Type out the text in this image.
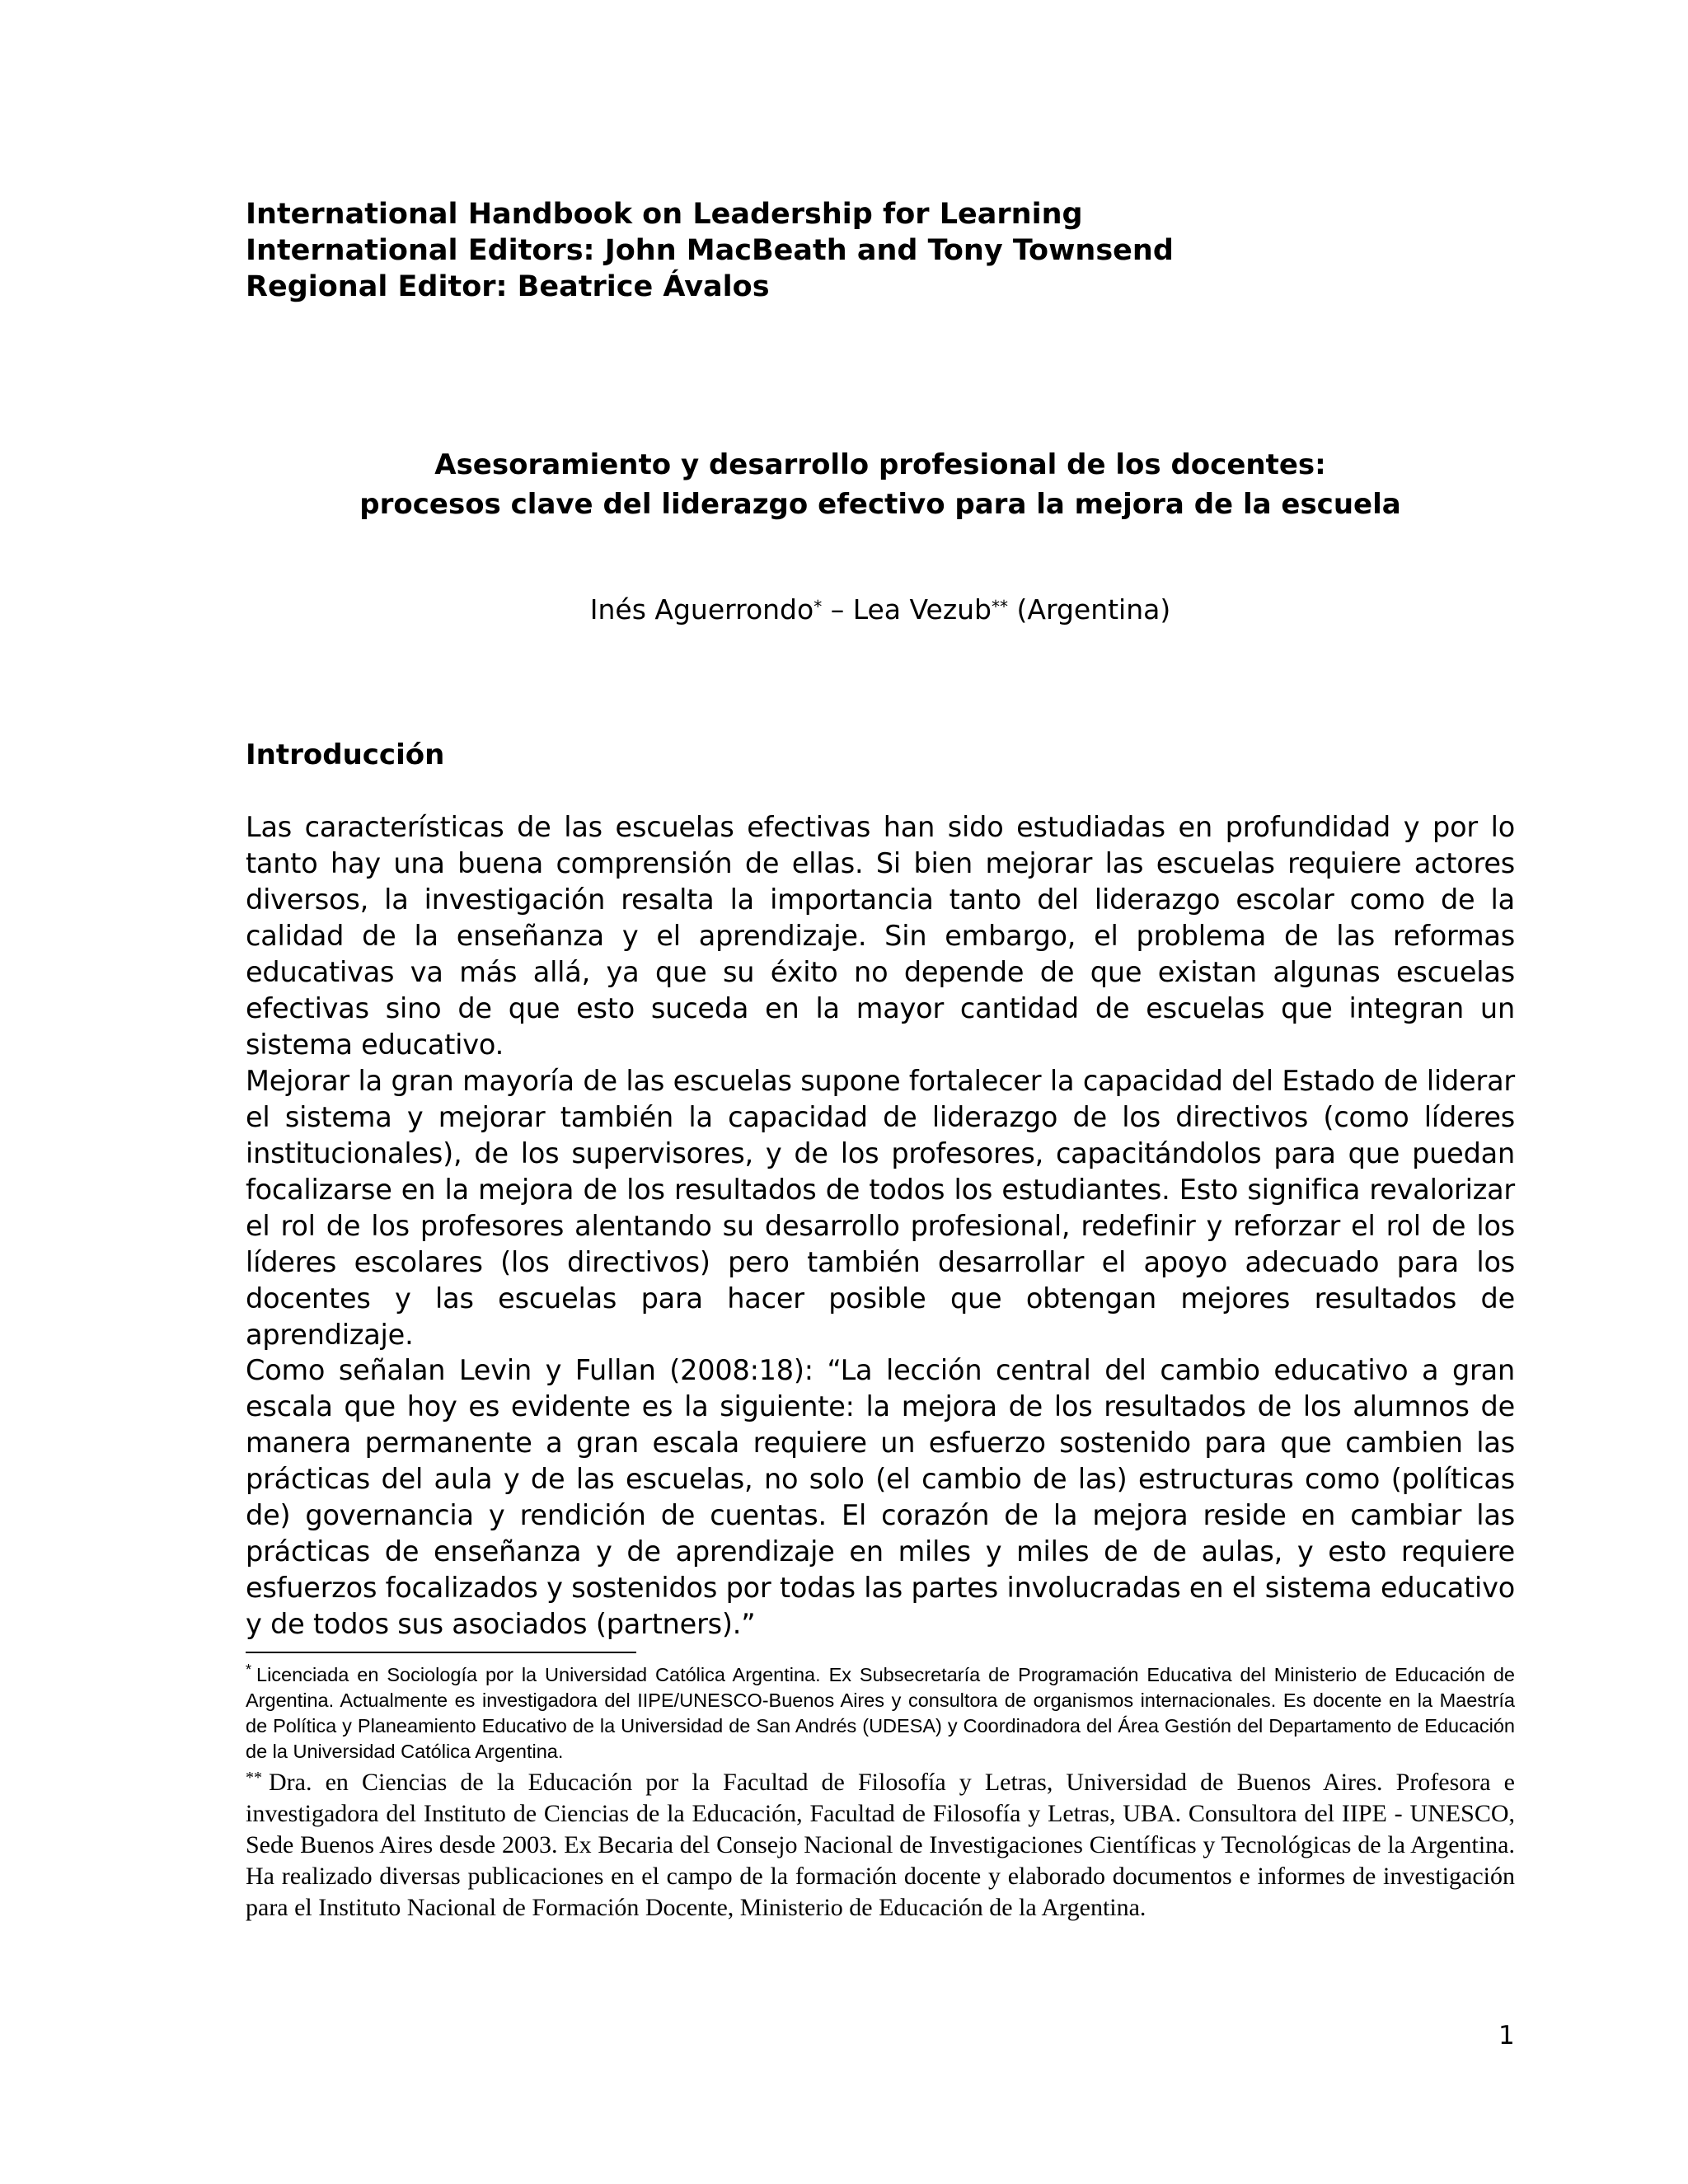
International Handbook on Leadership for Learning

International Editors: John MacBeath and Tony Townsend

Regional Editor: Beatrice Ávalos

Asesoramiento y desarrollo profesional de los docentes:

procesos clave del liderazgo efectivo para la mejora de la escuela

Inés Aguerrondo* – Lea Vezub** (Argentina)
Introducción

Las características de las escuelas efectivas han sido estudiadas en profundidad y por lo tanto hay una buena comprensión de ellas. Si bien mejorar las escuelas requiere actores diversos, la investigación resalta la importancia tanto del liderazgo escolar como de la calidad de la enseñanza y el aprendizaje. Sin embargo, el problema de las reformas educativas va más allá, ya que su éxito no depende de que existan algunas escuelas efectivas sino de que esto suceda en la mayor cantidad de escuelas que integran un sistema educativo.

Mejorar la gran mayoría de las escuelas supone fortalecer la capacidad del Estado de liderar el sistema y mejorar también la capacidad de liderazgo de los directivos (como líderes institucionales), de los supervisores, y de los profesores, capacitándolos para que puedan focalizarse en la mejora de los resultados de todos los estudiantes. Esto significa revalorizar el rol de los profesores alentando su desarrollo profesional, redefinir y reforzar el rol de los líderes escolares (los directivos) pero también desarrollar el apoyo adecuado para los docentes y las escuelas para hacer posible que obtengan mejores resultados de aprendizaje.

Como señalan Levin y Fullan (2008:18): “La lección central del cambio educativo a gran escala que hoy es evidente es la siguiente: la mejora de los resultados de los alumnos de manera permanente a gran escala requiere un esfuerzo sostenido para que cambien las prácticas del aula y de las escuelas, no solo (el cambio de las) estructuras como (políticas de) governancia y rendición de cuentas. El corazón de la mejora reside en cambiar las prácticas de enseñanza y de aprendizaje en miles y miles de de aulas, y esto requiere esfuerzos focalizados y sostenidos por todas las partes involucradas en el sistema educativo y de todos sus asociados (partners).”

* Licenciada en Sociología por la Universidad Católica Argentina. Ex Subsecretaría de Programación Educativa del Ministerio de Educación de Argentina. Actualmente es investigadora del IIPE/UNESCO-Buenos Aires y consultora de organismos internacionales. Es docente en la Maestría de Política y Planeamiento Educativo de la Universidad de San Andrés (UDESA) y Coordinadora del Área Gestión del Departamento de Educación de la Universidad Católica Argentina.

** Dra. en Ciencias de la Educación por la Facultad de Filosofía y Letras, Universidad de Buenos Aires. Profesora e investigadora del Instituto de Ciencias de la Educación, Facultad de Filosofía y Letras, UBA. Consultora del IIPE - UNESCO, Sede Buenos Aires desde 2003. Ex Becaria del Consejo Nacional de Investigaciones Científicas y Tecnológicas de la Argentina. Ha realizado diversas publicaciones en el campo de la formación docente y elaborado documentos e informes de investigación para el Instituto Nacional de Formación Docente, Ministerio de Educación de la Argentina.

1
